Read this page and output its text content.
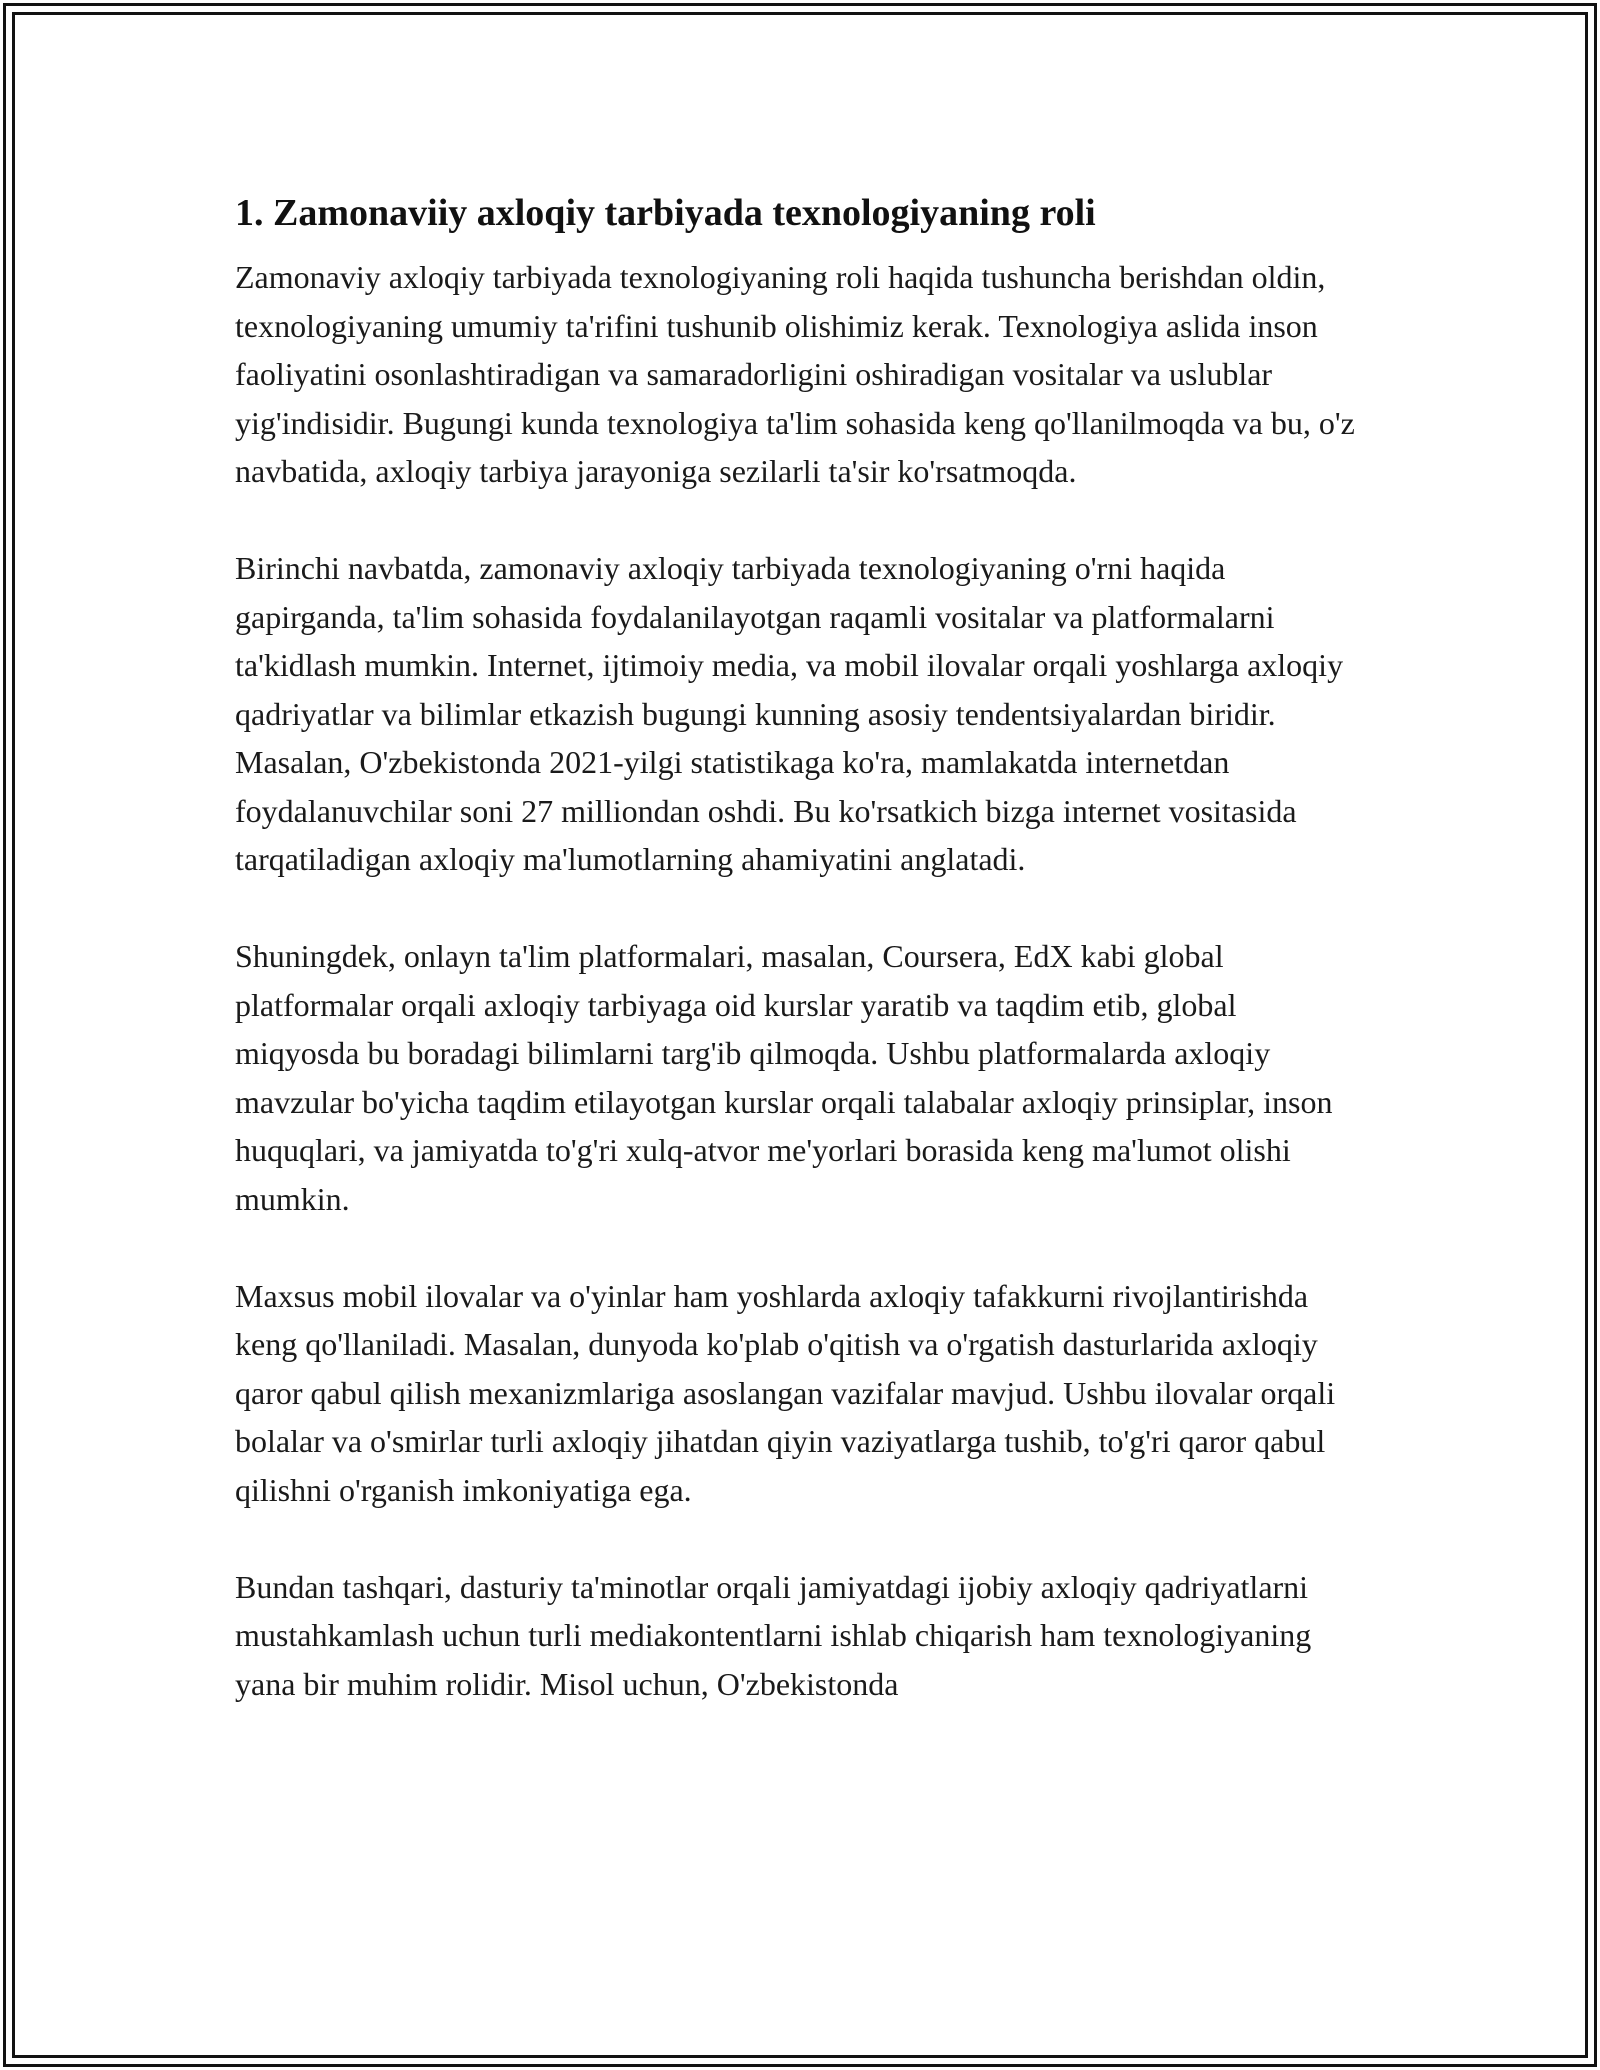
1. Zamonaviiy axloqiy tarbiyada texnologiyaning roli

Zamonaviy axloqiy tarbiyada texnologiyaning roli haqida tushuncha berishdan oldin, texnologiyaning umumiy ta'rifini tushunib olishimiz kerak. Texnologiya aslida inson faoliyatini osonlashtiradigan va samaradorligini oshiradigan vositalar va uslublar yig'indisidir. Bugungi kunda texnologiya ta'lim sohasida keng qo'llanilmoqda va bu, o'z navbatida, axloqiy tarbiya jarayoniga sezilarli ta'sir ko'rsatmoqda.

Birinchi navbatda, zamonaviy axloqiy tarbiyada texnologiyaning o'rni haqida gapirganda, ta'lim sohasida foydalanilayotgan raqamli vositalar va platformalarni ta'kidlash mumkin. Internet, ijtimoiy media, va mobil ilovalar orqali yoshlarga axloqiy qadriyatlar va bilimlar etkazish bugungi kunning asosiy tendentsiyalardan biridir. Masalan, O'zbekistonda 2021-yilgi statistikaga ko'ra, mamlakatda internetdan foydalanuvchilar soni 27 milliondan oshdi. Bu ko'rsatkich bizga internet vositasida tarqatiladigan axloqiy ma'lumotlarning ahamiyatini anglatadi.

Shuningdek, onlayn ta'lim platformalari, masalan, Coursera, EdX kabi global platformalar orqali axloqiy tarbiyaga oid kurslar yaratib va taqdim etib, global miqyosda bu boradagi bilimlarni targ'ib qilmoqda. Ushbu platformalarda axloqiy mavzular bo'yicha taqdim etilayotgan kurslar orqali talabalar axloqiy prinsiplar, inson huquqlari, va jamiyatda to'g'ri xulq-atvor me'yorlari borasida keng ma'lumot olishi mumkin.

Maxsus mobil ilovalar va o'yinlar ham yoshlarda axloqiy tafakkurni rivojlantirishda keng qo'llaniladi. Masalan, dunyoda ko'plab o'qitish va o'rgatish dasturlarida axloqiy qaror qabul qilish mexanizmlariga asoslangan vazifalar mavjud. Ushbu ilovalar orqali bolalar va o'smirlar turli axloqiy jihatdan qiyin vaziyatlarga tushib, to'g'ri qaror qabul qilishni o'rganish imkoniyatiga ega.

Bundan tashqari, dasturiy ta'minotlar orqali jamiyatdagi ijobiy axloqiy qadriyatlarni mustahkamlash uchun turli mediakontentlarni ishlab chiqarish ham texnologiyaning yana bir muhim rolidir. Misol uchun, O'zbekistonda
